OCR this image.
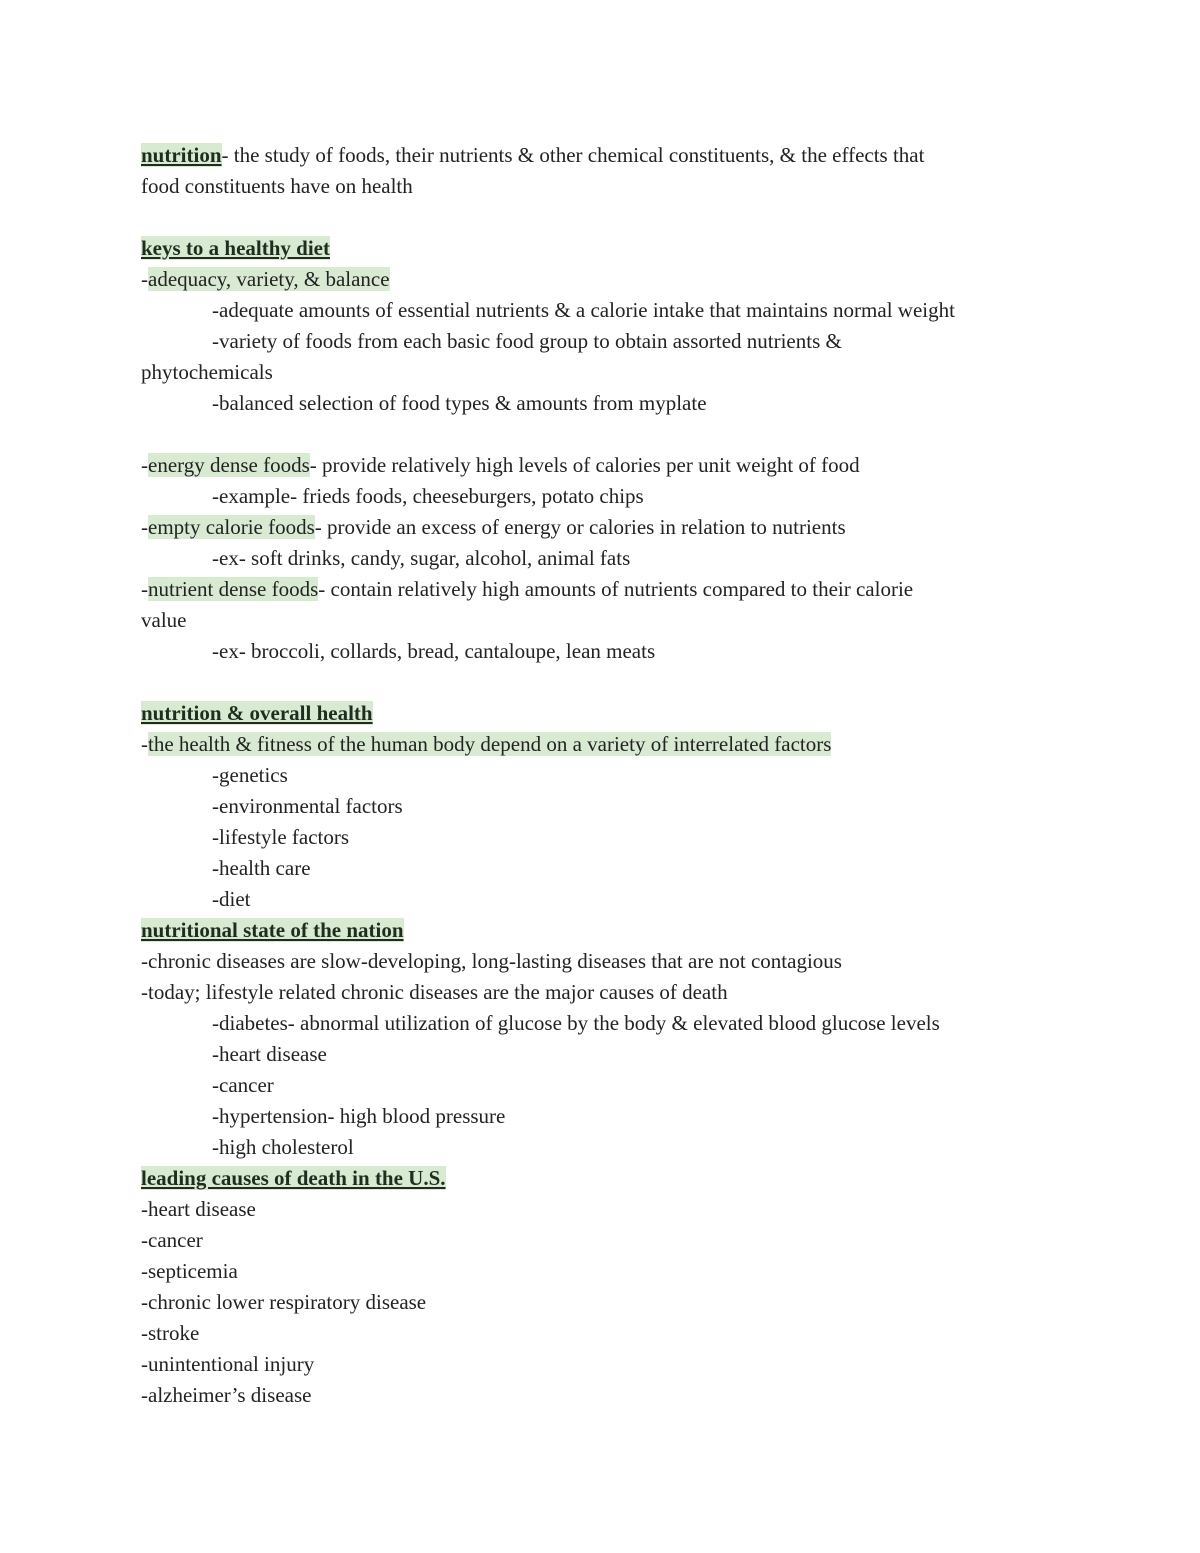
nutrition- the study of foods, their nutrients & other chemical constituents, & the effects that
food constituents have on health
keys to a healthy diet
-adequacy, variety, & balance
-adequate amounts of essential nutrients & a calorie intake that maintains normal weight
-variety of foods from each basic food group to obtain assorted nutrients &
phytochemicals
-balanced selection of food types & amounts from myplate
-energy dense foods- provide relatively high levels of calories per unit weight of food
-example- frieds foods, cheeseburgers, potato chips
-empty calorie foods- provide an excess of energy or calories in relation to nutrients
-ex- soft drinks, candy, sugar, alcohol, animal fats
-nutrient dense foods- contain relatively high amounts of nutrients compared to their calorie
value
-ex- broccoli, collards, bread, cantaloupe, lean meats
nutrition & overall health
-the health & fitness of the human body depend on a variety of interrelated factors
-genetics
-environmental factors
-lifestyle factors
-health care
-diet
nutritional state of the nation
-chronic diseases are slow-developing, long-lasting diseases that are not contagious
-today; lifestyle related chronic diseases are the major causes of death
-diabetes- abnormal utilization of glucose by the body & elevated blood glucose levels
-heart disease
-cancer
-hypertension- high blood pressure
-high cholesterol
leading causes of death in the U.S.
-heart disease
-cancer
-septicemia
-chronic lower respiratory disease
-stroke
-unintentional injury
-alzheimer’s disease
